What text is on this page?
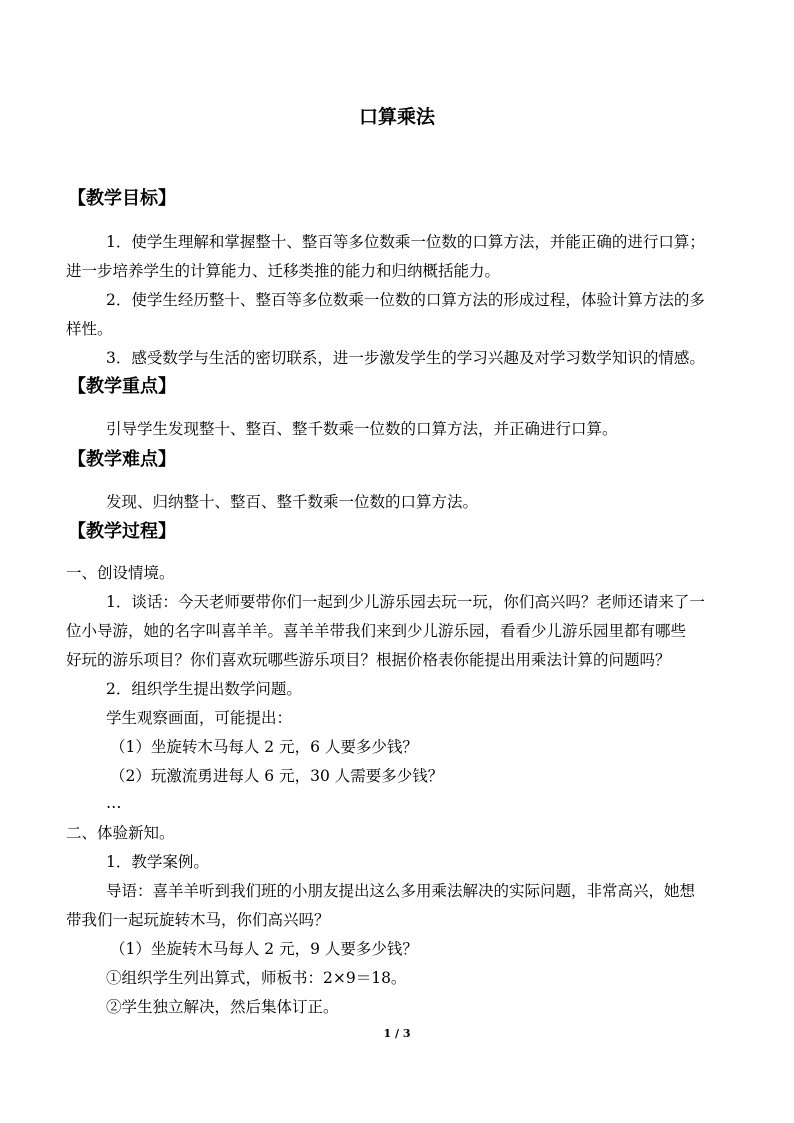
口算乘法
【教学目标】
1．使学生理解和掌握整十、整百等多位数乘一位数的口算方法，并能正确的进行口算；
进一步培养学生的计算能力、迁移类推的能力和归纳概括能力。
2．使学生经历整十、整百等多位数乘一位数的口算方法的形成过程，体验计算方法的多
样性。
3．感受数学与生活的密切联系，进一步激发学生的学习兴趣及对学习数学知识的情感。
【教学重点】
引导学生发现整十、整百、整千数乘一位数的口算方法，并正确进行口算。
【教学难点】
发现、归纳整十、整百、整千数乘一位数的口算方法。
【教学过程】
一、创设情境。
1．谈话：今天老师要带你们一起到少儿游乐园去玩一玩，你们高兴吗？老师还请来了一
位小导游，她的名字叫喜羊羊。喜羊羊带我们来到少儿游乐园，看看少儿游乐园里都有哪些
好玩的游乐项目？你们喜欢玩哪些游乐项目？根据价格表你能提出用乘法计算的问题吗？
2．组织学生提出数学问题。
学生观察画面，可能提出：
（1）坐旋转木马每人 2 元，6 人要多少钱？
（2）玩激流勇进每人 6 元，30 人需要多少钱？
…
二、体验新知。
1．教学案例。
导语：喜羊羊听到我们班的小朋友提出这么多用乘法解决的实际问题，非常高兴，她想
带我们一起玩旋转木马，你们高兴吗？
（1）坐旋转木马每人 2 元，9 人要多少钱？
①组织学生列出算式，师板书：2×9＝18。
②学生独立解决，然后集体订正。
1 / 3
